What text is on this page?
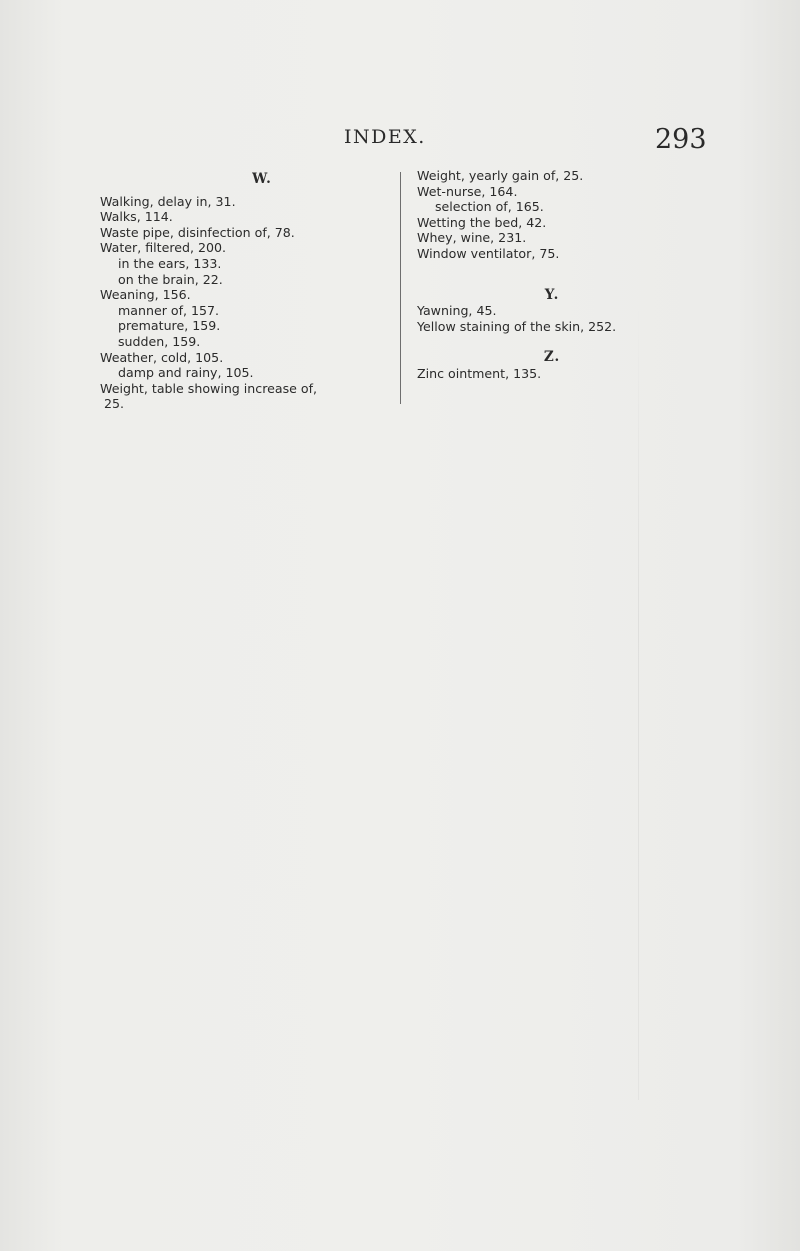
INDEX.	293
W.
Walking, delay in, 31.
Walks, 114.
Waste pipe, disinfection of, 78.
Water, filtered, 200.
in the ears, 133.
on the brain, 22.
Weaning, 156.
manner of, 157.
premature, 159.
sudden, 159.
Weather, cold, 105.
damp and rainy, 105.
Weight, table showing increase of,
25.
Weight, yearly gain of, 25.
Wet-nurse, 164.
selection of, 165.
Wetting the bed, 42.
Whey, wine, 231.
Window ventilator, 75.
Y.
Yawning, 45.
Yellow staining of the skin, 252.
Z.
Zinc ointment, 135.
